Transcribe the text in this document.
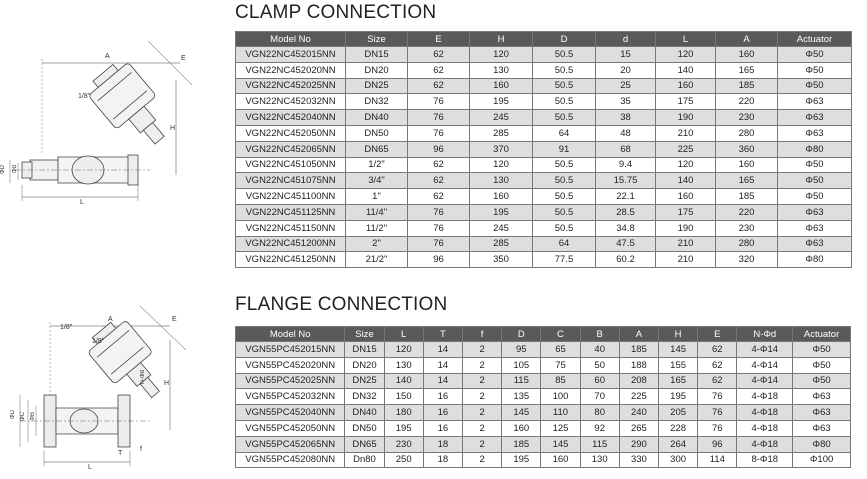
A	E
H
1/8"
ΦD Φd
L
CLAMP CONNECTION
Model No	Size	E	H	D	d	L	A	Actuator
VGN22NC452015NN	DN15	62	120	50.5	15	120	160	Φ50
VGN22NC452020NN	DN20	62	130	50.5	20	140	165	Φ50
VGN22NC452025NN	DN25	62	160	50.5	25	160	185	Φ50
VGN22NC452032NN	DN32	76	195	50.5	35	175	220	Φ63
VGN22NC452040NN	DN40	76	245	50.5	38	190	230	Φ63
VGN22NC452050NN	DN50	76	285	64	48	210	280	Φ63
VGN22NC452065NN	DN65	96	370	91	68	225	360	Φ80
VGN22NC451050NN	1/2"	62	120	50.5	9.4	120	160	Φ50
VGN22NC451075NN	3/4"	62	130	50.5	15.75	140	165	Φ50
VGN22NC451100NN	1"	62	160	50.5	22.1	160	185	Φ50
VGN22NC451125NN	11/4"	76	195	50.5	28.5	175	220	Φ63
VGN22NC451150NN	11/2"	76	245	50.5	34.8	190	230	Φ63
VGN22NC451200NN	2"	76	285	64	47.5	210	280	Φ63
VGN22NC451250NN	21/2"	96	350	77.5	60.2	210	320	Φ80
A	E
H
1/8"
1/8"
ΦD ΦC ΦB
N-Φd
f
T
L
FLANGE CONNECTION
Model No	Size	L	T	f	D	C	B	A	H	E	N-Φd	Actuator
VGN55PC452015NN	DN15	120	14	2	95	65	40	185	145	62	4-Φ14	Φ50
VGN55PC452020NN	DN20	130	14	2	105	75	50	188	155	62	4-Φ14	Φ50
VGN55PC452025NN	DN25	140	14	2	115	85	60	208	165	62	4-Φ14	Φ50
VGN55PC452032NN	DN32	150	16	2	135	100	70	225	195	76	4-Φ18	Φ63
VGN55PC452040NN	DN40	180	16	2	145	110	80	240	205	76	4-Φ18	Φ63
VGN55PC452050NN	DN50	195	16	2	160	125	92	265	228	76	4-Φ18	Φ63
VGN55PC452065NN	DN65	230	18	2	185	145	115	290	264	96	4-Φ18	Φ80
VGN55PC452080NN	Dn80	250	18	2	195	160	130	330	300	114	8-Φ18	Φ100
